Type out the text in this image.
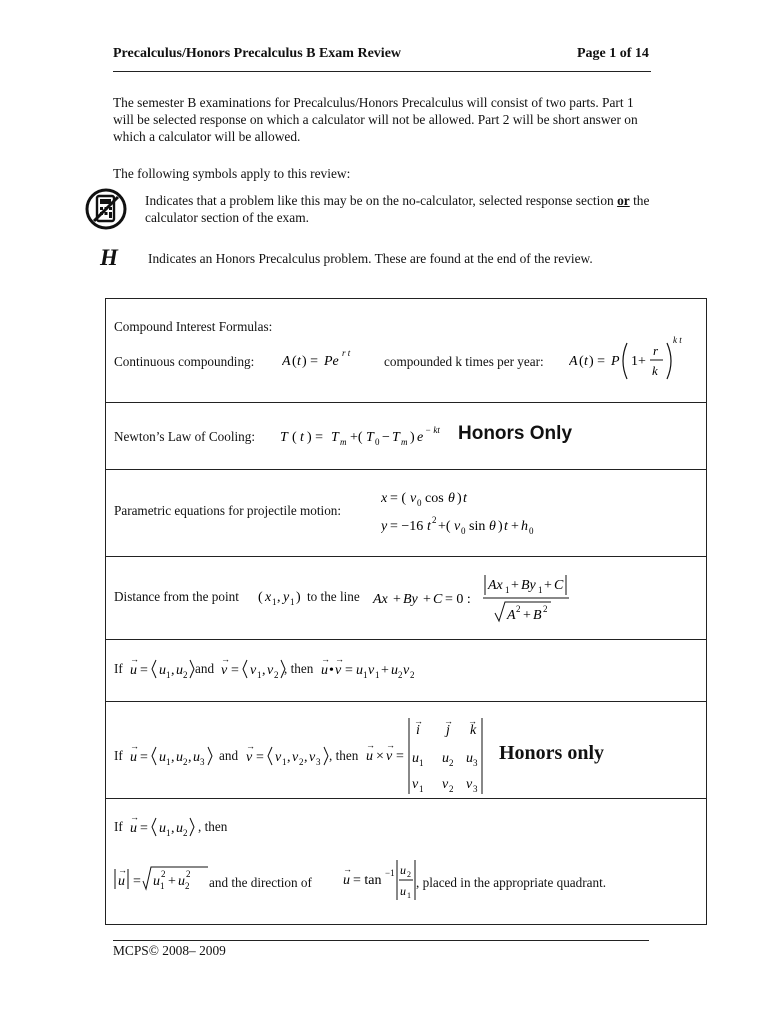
Precalculus/Honors Precalculus B Exam Review	Page 1 of 14
The semester B examinations for Precalculus/Honors Precalculus will consist of two parts. Part 1 will be selected response on which a calculator will not be allowed. Part 2 will be short answer on which a calculator will be allowed.
The following symbols apply to this review:
Indicates that a problem like this may be on the no-calculator, selected response section or the calculator section of the exam.
H Indicates an Honors Precalculus problem. These are found at the end of the review.
Compound Interest Formulas:
Continuous compounding: A ( t ) = Pe
r t
compounded k times per year: A ( t ) = P 1+
r
k
k t
Newton’s Law of Cooling: T ( t ) = T m +( T 0 − T m ) e − kt Honors Only
Parametric equations for projectile motion:
x = ( v 0 cos θ ) t
y = −16 t 2 +( v 0 sin θ ) t + h 0
Distance from the point ( x 1 , y 1 ) to the line Ax + By + C = 0 :
Ax 1 + By 1 + C
A 2 + B 2
If u
→
= u 1 , u 2 and v
→
= v 1 , v 2 , then u
→
• v
→
= u 1 v 1 + u 2 v 2
If u
→
= u 1 , u 2 , u 3 and v
→
= v 1 , v 2 , v 3 , then u
→
× v
→
=
i
→
j
→
k
→
u 1 u 2 u 3
v 1 v 2 v 3
Honors only
If u
→
= u 1 , u 2 , then
u
→
= u 1
2 + u 2
2
and the direction of u
→
= tan −1 u 2
u 1
, placed in the appropriate quadrant.
MCPS© 2008– 2009
